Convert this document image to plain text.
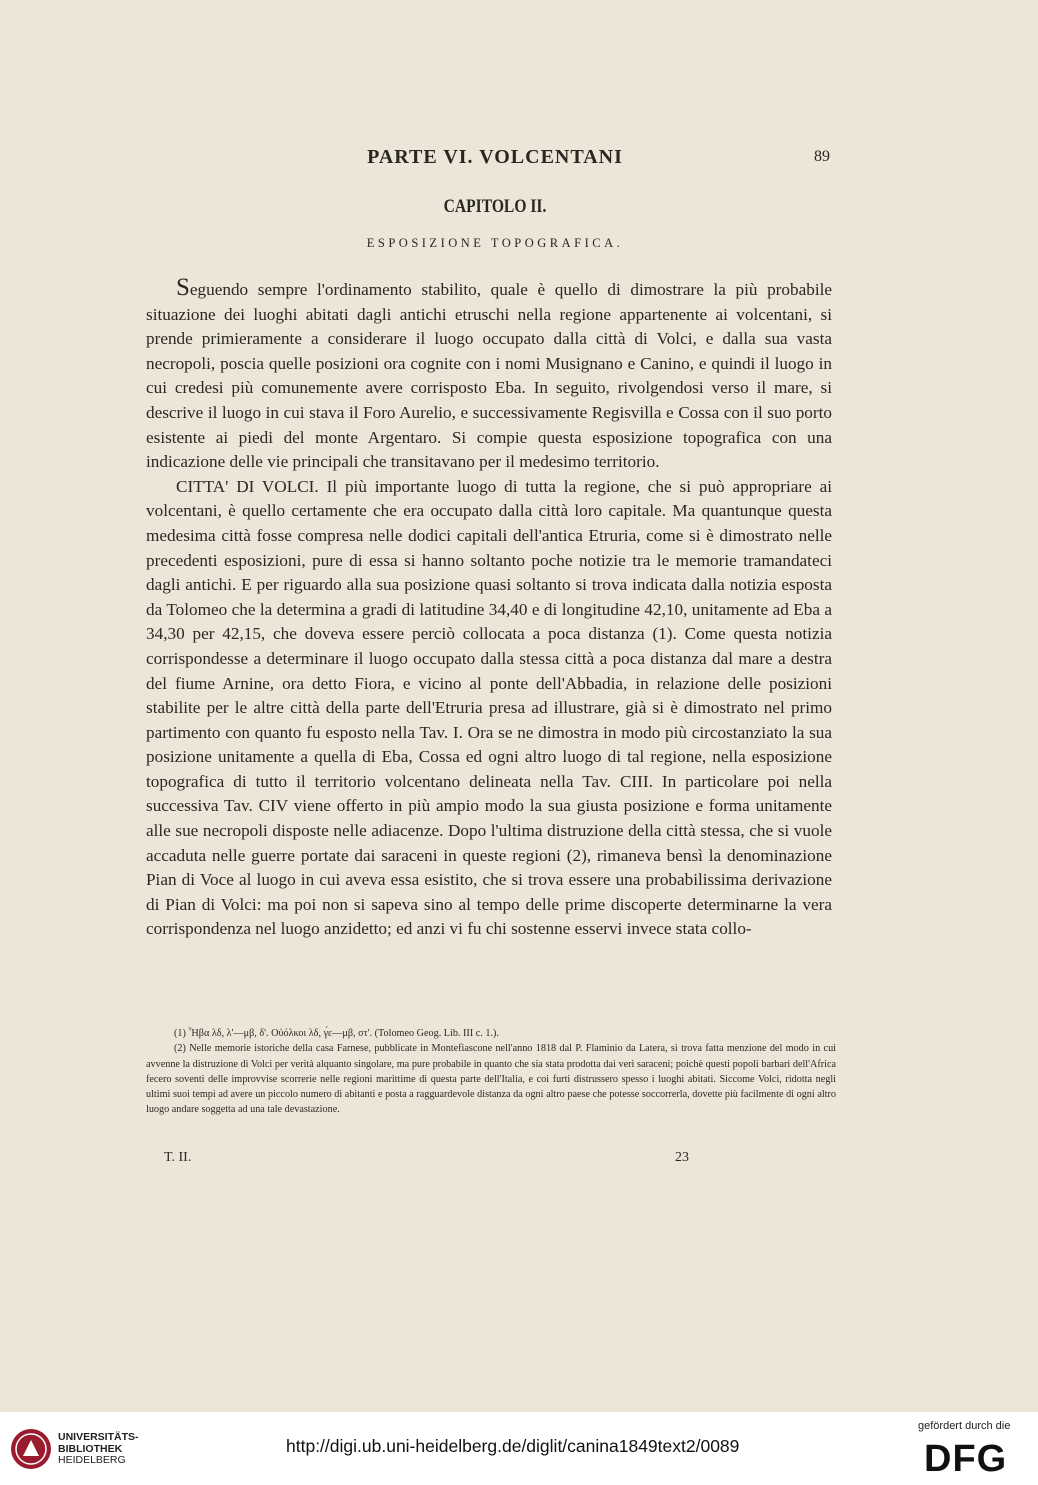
PARTE VI. VOLCENTANI	89
CAPITOLO II.
ESPOSIZIONE TOPOGRAFICA.

Seguendo sempre l'ordinamento stabilito, quale è quello di dimostrare la più probabile situazione dei luoghi abitati dagli antichi etruschi nella regione appartenente ai volcentani, si prende primieramente a considerare il luogo occupato dalla città di Volci, e dalla sua vasta necropoli, poscia quelle posizioni ora cognite con i nomi Musignano e Canino, e quindi il luogo in cui credesi più comunemente avere corrisposto Eba. In seguito, rivolgendosi verso il mare, si descrive il luogo in cui stava il Foro Aurelio, e successivamente Regisvilla e Cossa con il suo porto esistente ai piedi del monte Argentaro. Si compie questa esposizione topografica con una indicazione delle vie principali che transitavano per il medesimo territorio.

CITTA' DI VOLCI. Il più importante luogo di tutta la regione, che si può appropriare ai volcentani, è quello certamente che era occupato dalla città loro capitale. Ma quantunque questa medesima città fosse compresa nelle dodici capitali dell'antica Etruria, come si è dimostrato nelle precedenti esposizioni, pure di essa si hanno soltanto poche notizie tra le memorie tramandateci dagli antichi. E per riguardo alla sua posizione quasi soltanto si trova indicata dalla notizia esposta da Tolomeo che la determina a gradi di latitudine 34,40 e di longitudine 42,10, unitamente ad Eba a 34,30 per 42,15, che doveva essere perciò collocata a poca distanza (1). Come questa notizia corrispondesse a determinare il luogo occupato dalla stessa città a poca distanza dal mare a destra del fiume Arnine, ora detto Fiora, e vicino al ponte dell'Abbadia, in relazione delle posizioni stabilite per le altre città della parte dell'Etruria presa ad illustrare, già si è dimostrato nel primo partimento con quanto fu esposto nella Tav. I. Ora se ne dimostra in modo più circostanziato la sua posizione unitamente a quella di Eba, Cossa ed ogni altro luogo di tal regione, nella esposizione topografica di tutto il territorio volcentano delineata nella Tav. CIII. In particolare poi nella successiva Tav. CIV viene offerto in più ampio modo la sua giusta posizione e forma unitamente alle sue necropoli disposte nelle adiacenze. Dopo l'ultima distruzione della città stessa, che si vuole accaduta nelle guerre portate dai saraceni in queste regioni (2), rimaneva bensì la denominazione Pian di Voce al luogo in cui aveva essa esistito, che si trova essere una probabilissima derivazione di Pian di Volci: ma poi non si sapeva sino al tempo delle prime discoperte determinarne la vera corrispondenza nel luogo anzidetto; ed anzi vi fu chi sostenne esservi invece stata collo-

(1) Ἦβα λδ, λ'—μβ, δ'. Οὐόλκοι λδ, γ́ε—μβ, στ'. (Tolomeo Geog. Lib. III c. 1.).

(2) Nelle memorie istoriche della casa Farnese, pubblicate in Montefiascone nell'anno 1818 dal P. Flaminio da Latera, si trova fatta menzione del modo in cui avvenne la distruzione di Volci per verità alquanto singolare, ma pure probabile in quanto che sia stata prodotta dai veri saraceni; poichè questi popoli barbari dell'Africa fecero soventi delle improvvise scorrerie nelle regioni marittime di questa parte dell'Italia, e coi furti distrussero spesso i luoghi abitati. Siccome Volci, ridotta negli ultimi suoi tempi ad avere un piccolo numero di abitanti e posta a ragguardevole distanza da ogni altro paese che potesse soccorrerla, dovette più facilmente di ogni altro luogo andare soggetta ad una tale devastazione.

T. II.	23
UNIVERSITÄTS-
BIBLIOTHEK
HEIDELBERG
http://digi.ub.uni-heidelberg.de/diglit/canina1849text2/0089
gefördert durch die
DFG
